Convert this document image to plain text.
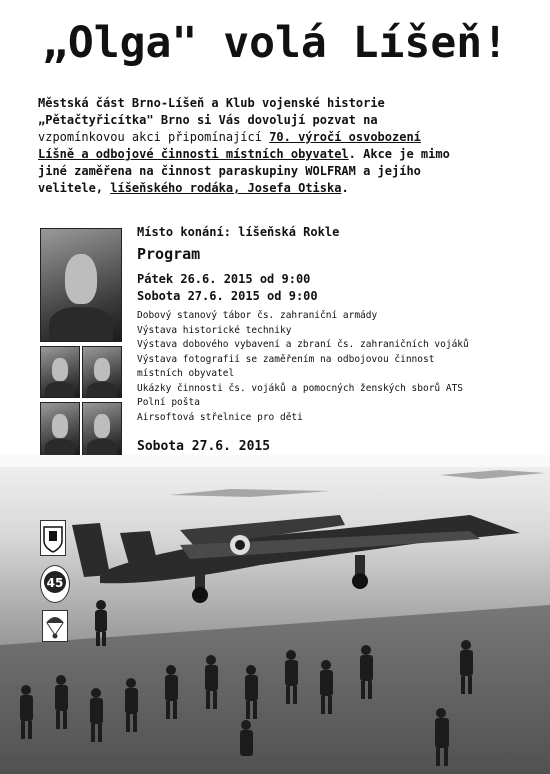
„Olga" volá Líšeň!
Městská část Brno-Líšeň a Klub vojenské historie
„Pětačtyřicítka" Brno si Vás dovolují pozvat na
vzpomínkovou akci připomínající 70. výročí osvobození
Líšně a odbojové činnosti místních obyvatel. Akce je mimo
jiné zaměřena na činnost paraskupiny WOLFRAM a jejího
velitele, líšeňského rodáka, Josefa Otiska.

Místo konání: líšeňská Rokle

Program

Pátek 26.6. 2015 od 9:00

Sobota 27.6. 2015 od 9:00

Dobový stanový tábor čs. zahraniční armády
Výstava historické techniky
Výstava dobového vybavení a zbraní čs. zahraničních vojáků
Výstava fotografií se zaměřením na odbojovou činnost
místních obyvatel
Ukázky činnosti čs. vojáků a pomocných ženských sborů ATS
Polní pošta
Airsoftová střelnice pro děti

Sobota 27.6. 2015

45
